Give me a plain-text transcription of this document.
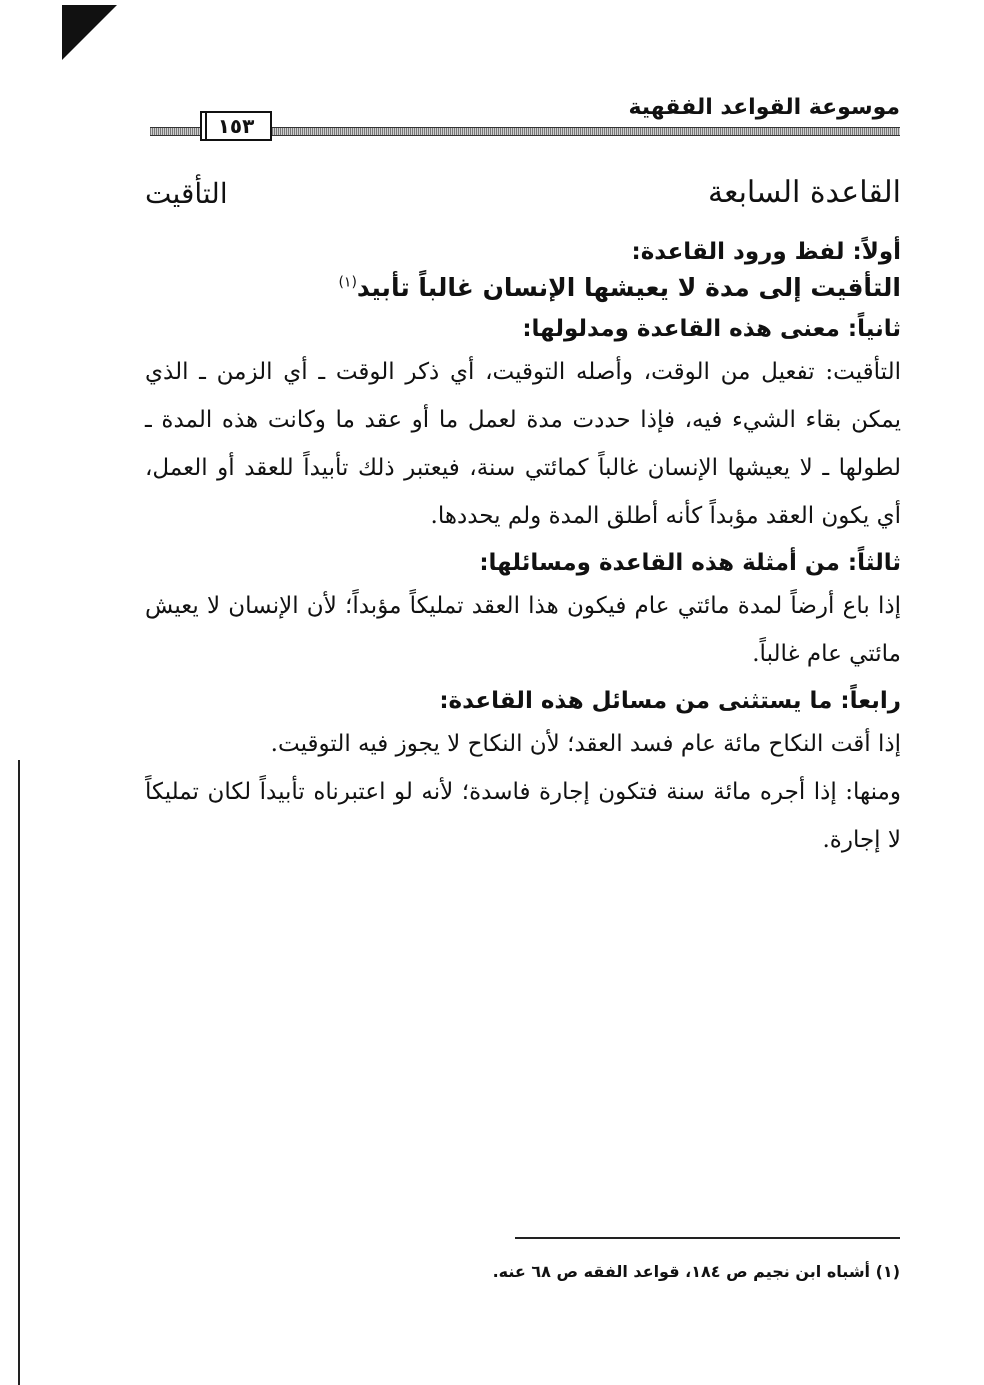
١٥٣
موسوعة القواعد الفقهية
القاعدة السابعة
التأقيت
أولاً: لفظ ورود القاعدة:
التأقيت إلى مدة لا يعيشها الإنسان غالباً تأبيد$^{(١)}$
ثانياً: معنى هذه القاعدة ومدلولها:

التأقيت: تفعيل من الوقت، وأصله التوقيت، أي ذكر الوقت ـ أي الزمن ـ الذي يمكن بقاء الشيء فيه، فإذا حددت مدة لعمل ما أو عقد ما وكانت هذه المدة ـ لطولها ـ لا يعيشها الإنسان غالباً كمائتي سنة، فيعتبر ذلك تأبيداً للعقد أو العمل، أي يكون العقد مؤبداً كأنه أطلق المدة ولم يحددها.

ثالثاً: من أمثلة هذه القاعدة ومسائلها:

إذا باع أرضاً لمدة مائتي عام فيكون هذا العقد تمليكاً مؤبداً؛ لأن الإنسان لا يعيش مائتي عام غالباً.

رابعاً: ما يستثنى من مسائل هذه القاعدة:

إذا أقت النكاح مائة عام فسد العقد؛ لأن النكاح لا يجوز فيه التوقيت.

ومنها: إذا أجره مائة سنة فتكون إجارة فاسدة؛ لأنه لو اعتبرناه تأبيداً لكان تمليكاً لا إجارة.

(١) أشباه ابن نجيم ص ١٨٤، قواعد الفقه ص ٦٨ عنه.
